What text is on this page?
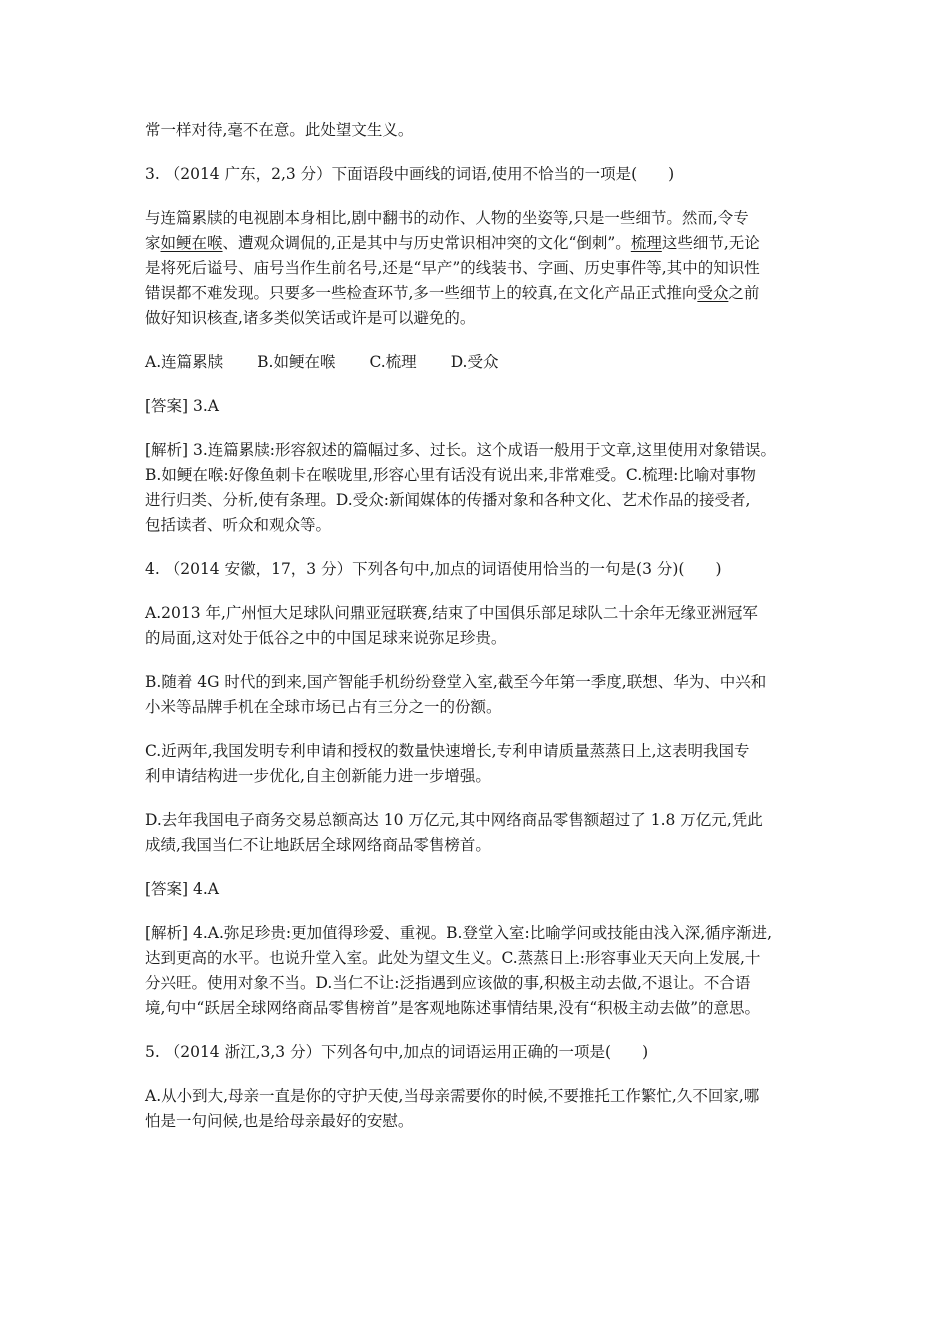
常一样对待,毫不在意。此处望文生义。

3. （2014 广东，2,3 分）下面语段中画线的词语,使用不恰当的一项是(　　)

与连篇累牍的电视剧本身相比,剧中翻书的动作、人物的坐姿等,只是一些细节。然而,令专

家如鲠在喉、遭观众调侃的,正是其中与历史常识相冲突的文化“倒刺”。梳理这些细节,无论

是将死后谥号、庙号当作生前名号,还是“早产”的线装书、字画、历史事件等,其中的知识性

错误都不难发现。只要多一些检查环节,多一些细节上的较真,在文化产品正式推向受众之前

做好知识核查,诸多类似笑话或许是可以避免的。

A.连篇累牍 B.如鲠在喉 C.梳理 D.受众

[答案] 3.A

[解析] 3.连篇累牍:形容叙述的篇幅过多、过长。这个成语一般用于文章,这里使用对象错误。

B.如鲠在喉:好像鱼刺卡在喉咙里,形容心里有话没有说出来,非常难受。C.梳理:比喻对事物

进行归类、分析,使有条理。D.受众:新闻媒体的传播对象和各种文化、艺术作品的接受者,

包括读者、听众和观众等。

4. （2014 安徽，17，3 分）下列各句中,加点的词语使用恰当的一句是(3 分)(　　)

A.2013 年,广州恒大足球队问鼎亚冠联赛,结束了中国俱乐部足球队二十余年无缘亚洲冠军

的局面,这对处于低谷之中的中国足球来说弥足珍贵。

B.随着 4G 时代的到来,国产智能手机纷纷登堂入室,截至今年第一季度,联想、华为、中兴和

小米等品牌手机在全球市场已占有三分之一的份额。

C.近两年,我国发明专利申请和授权的数量快速增长,专利申请质量蒸蒸日上,这表明我国专

利申请结构进一步优化,自主创新能力进一步增强。

D.去年我国电子商务交易总额高达 10 万亿元,其中网络商品零售额超过了 1.8 万亿元,凭此

成绩,我国当仁不让地跃居全球网络商品零售榜首。

[答案] 4.A

[解析] 4.A.弥足珍贵:更加值得珍爱、重视。B.登堂入室:比喻学问或技能由浅入深,循序渐进,

达到更高的水平。也说升堂入室。此处为望文生义。C.蒸蒸日上:形容事业天天向上发展,十

分兴旺。使用对象不当。D.当仁不让:泛指遇到应该做的事,积极主动去做,不退让。不合语

境,句中“跃居全球网络商品零售榜首”是客观地陈述事情结果,没有“积极主动去做”的意思。

5. （2014 浙江,3,3 分）下列各句中,加点的词语运用正确的一项是(　　)

A.从小到大,母亲一直是你的守护天使,当母亲需要你的时候,不要推托工作繁忙,久不回家,哪

怕是一句问候,也是给母亲最好的安慰。
